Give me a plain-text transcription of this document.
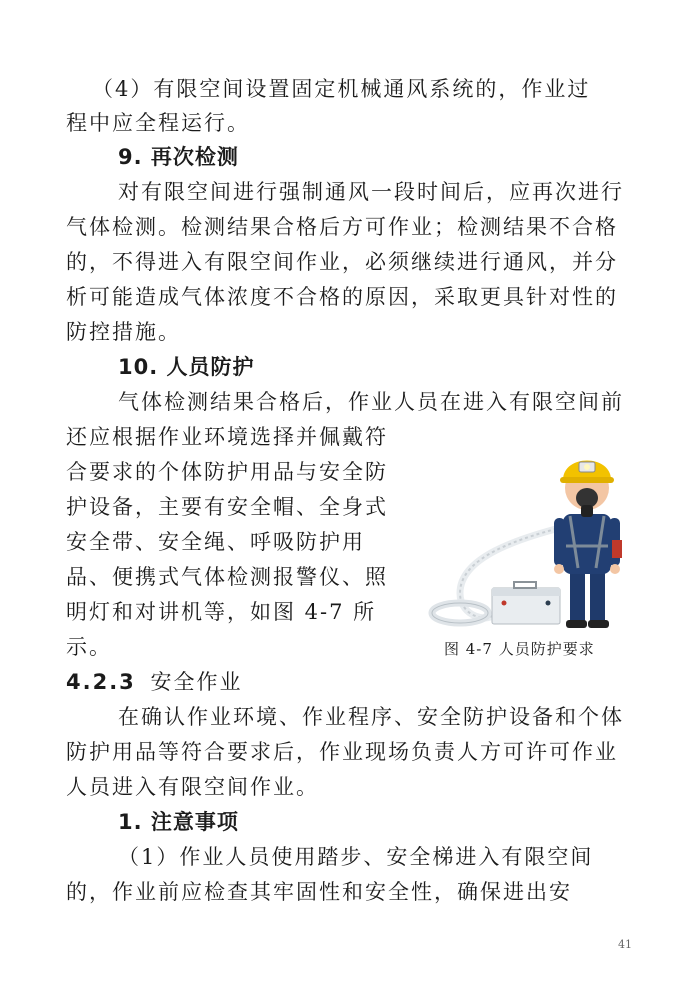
（4）有限空间设置固定机械通风系统的，作业过
程中应全程运行。
9. 再次检测
对有限空间进行强制通风一段时间后，应再次进行
气体检测。检测结果合格后方可作业；检测结果不合格
的，不得进入有限空间作业，必须继续进行通风，并分
析可能造成气体浓度不合格的原因，采取更具针对性的
防控措施。
10. 人员防护
气体检测结果合格后，作业人员在进入有限空间前
还应根据作业环境选择并佩戴符
合要求的个体防护用品与安全防
护设备，主要有安全帽、全身式
安全带、安全绳、呼吸防护用
品、便携式气体检测报警仪、照
明灯和对讲机等，如图 4-7 所
示。
4.2.3 安全作业
在确认作业环境、作业程序、安全防护设备和个体
防护用品等符合要求后，作业现场负责人方可许可作业
人员进入有限空间作业。
1. 注意事项
（1）作业人员使用踏步、安全梯进入有限空间
的，作业前应检查其牢固性和安全性，确保进出安
图 4-7 人员防护要求
41
